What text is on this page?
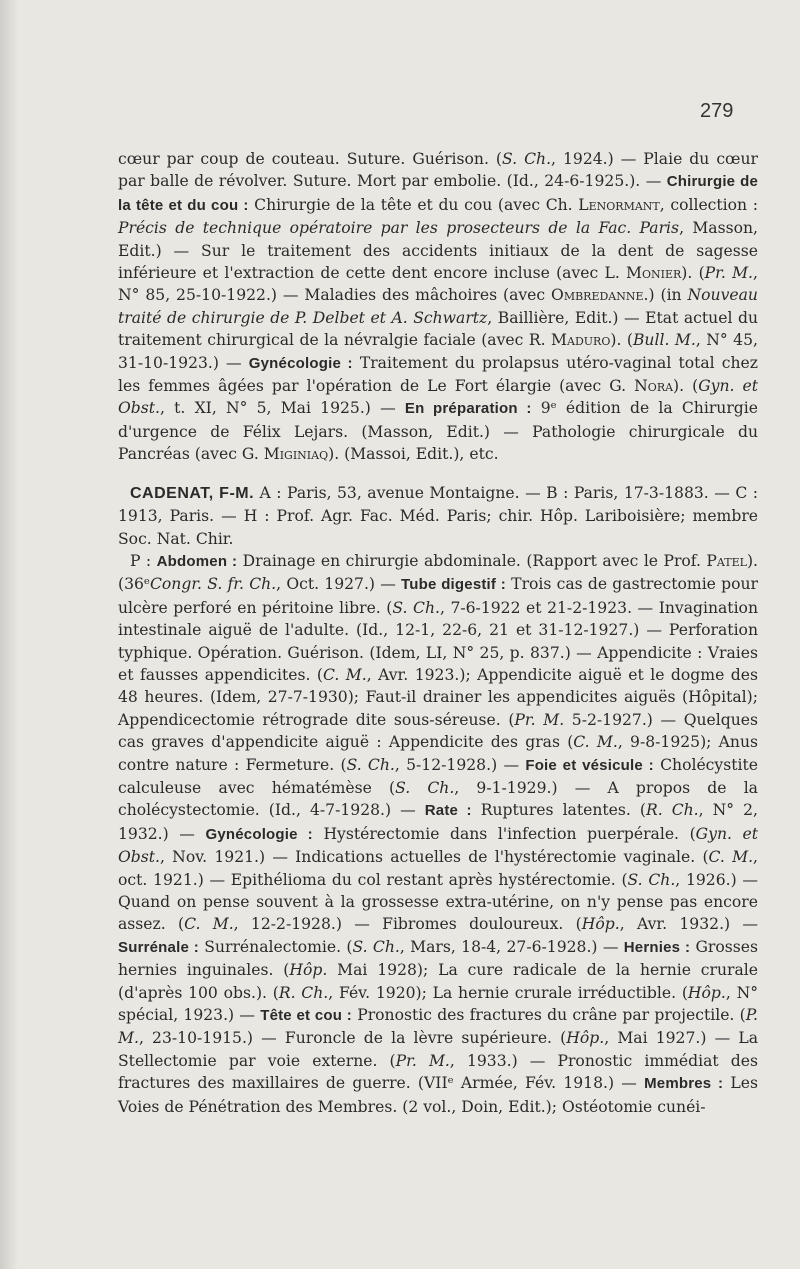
279

cœur par coup de couteau. Suture. Guérison. (S. Ch., 1924.) — Plaie du cœur par balle de révolver. Suture. Mort par embolie. (Id., 24-6-1925.). — Chirurgie de la tête et du cou : Chirurgie de la tête et du cou (avec Ch. Lenormant, collection : Précis de technique opératoire par les prosecteurs de la Fac. Paris, Masson, Edit.) — Sur le traitement des accidents initiaux de la dent de sagesse inférieure et l'extraction de cette dent encore incluse (avec L. Monier). (Pr. M., N° 85, 25-10-1922.) — Maladies des mâchoires (avec Ombredanne.) (in Nouveau traité de chirurgie de P. Delbet et A. Schwartz, Baillière, Edit.) — Etat actuel du traitement chirurgical de la névralgie faciale (avec R. Maduro). (Bull. M., N° 45, 31-10-1923.) — Gynécologie : Traitement du prolapsus utéro-vaginal total chez les femmes âgées par l'opération de Le Fort élargie (avec G. Nora). (Gyn. et Obst., t. XI, N° 5, Mai 1925.) — En préparation : 9ᵉ édition de la Chirurgie d'urgence de Félix Lejars. (Masson, Edit.) — Pathologie chirurgicale du Pancréas (avec G. Miginiaq). (Massoi, Edit.), etc.

CADENAT, F-M. A : Paris, 53, avenue Montaigne. — B : Paris, 17-3-1883. — C : 1913, Paris. — H : Prof. Agr. Fac. Méd. Paris; chir. Hôp. Lariboisière; membre Soc. Nat. Chir.

P : Abdomen : Drainage en chirurgie abdominale. (Rapport avec le Prof. Patel). (36ᵉCongr. S. fr. Ch., Oct. 1927.) — Tube digestif : Trois cas de gastrectomie pour ulcère perforé en péritoine libre. (S. Ch., 7-6-1922 et 21-2-1923. — Invagination intestinale aiguë de l'adulte. (Id., 12-1, 22-6, 21 et 31-12-1927.) — Perforation typhique. Opération. Guérison. (Idem, LI, N° 25, p. 837.) — Appendicite : Vraies et fausses appendicites. (C. M., Avr. 1923.); Appendicite aiguë et le dogme des 48 heures. (Idem, 27-7-1930); Faut-il drainer les appendicites aiguës (Hôpital); Appendicectomie rétrograde dite sous-séreuse. (Pr. M. 5-2-1927.) — Quelques cas graves d'appendicite aiguë : Appendicite des gras (C. M., 9-8-1925); Anus contre nature : Fermeture. (S. Ch., 5-12-1928.) — Foie et vésicule : Cholécystite calculeuse avec hématémèse (S. Ch., 9-1-1929.) — A propos de la cholécystectomie. (Id., 4-7-1928.) — Rate : Ruptures latentes. (R. Ch., N° 2, 1932.) — Gynécologie : Hystérectomie dans l'infection puerpérale. (Gyn. et Obst., Nov. 1921.) — Indications actuelles de l'hystérectomie vaginale. (C. M., oct. 1921.) — Epithélioma du col restant après hystérectomie. (S. Ch., 1926.) — Quand on pense souvent à la grossesse extra-utérine, on n'y pense pas encore assez. (C. M., 12-2-1928.) — Fibromes douloureux. (Hôp., Avr. 1932.) — Surrénale : Surrénalectomie. (S. Ch., Mars, 18-4, 27-6-1928.) — Hernies : Grosses hernies inguinales. (Hôp. Mai 1928); La cure radicale de la hernie crurale (d'après 100 obs.). (R. Ch., Fév. 1920); La hernie crurale irréductible. (Hôp., N° spécial, 1923.) — Tête et cou : Pronostic des fractures du crâne par projectile. (P. M., 23-10-1915.) — Furoncle de la lèvre supérieure. (Hôp., Mai 1927.) — La Stellectomie par voie externe. (Pr. M., 1933.) — Pronostic immédiat des fractures des maxillaires de guerre. (VIIᵉ Armée, Fév. 1918.) — Membres : Les Voies de Pénétration des Membres. (2 vol., Doin, Edit.); Ostéotomie cunéi-
